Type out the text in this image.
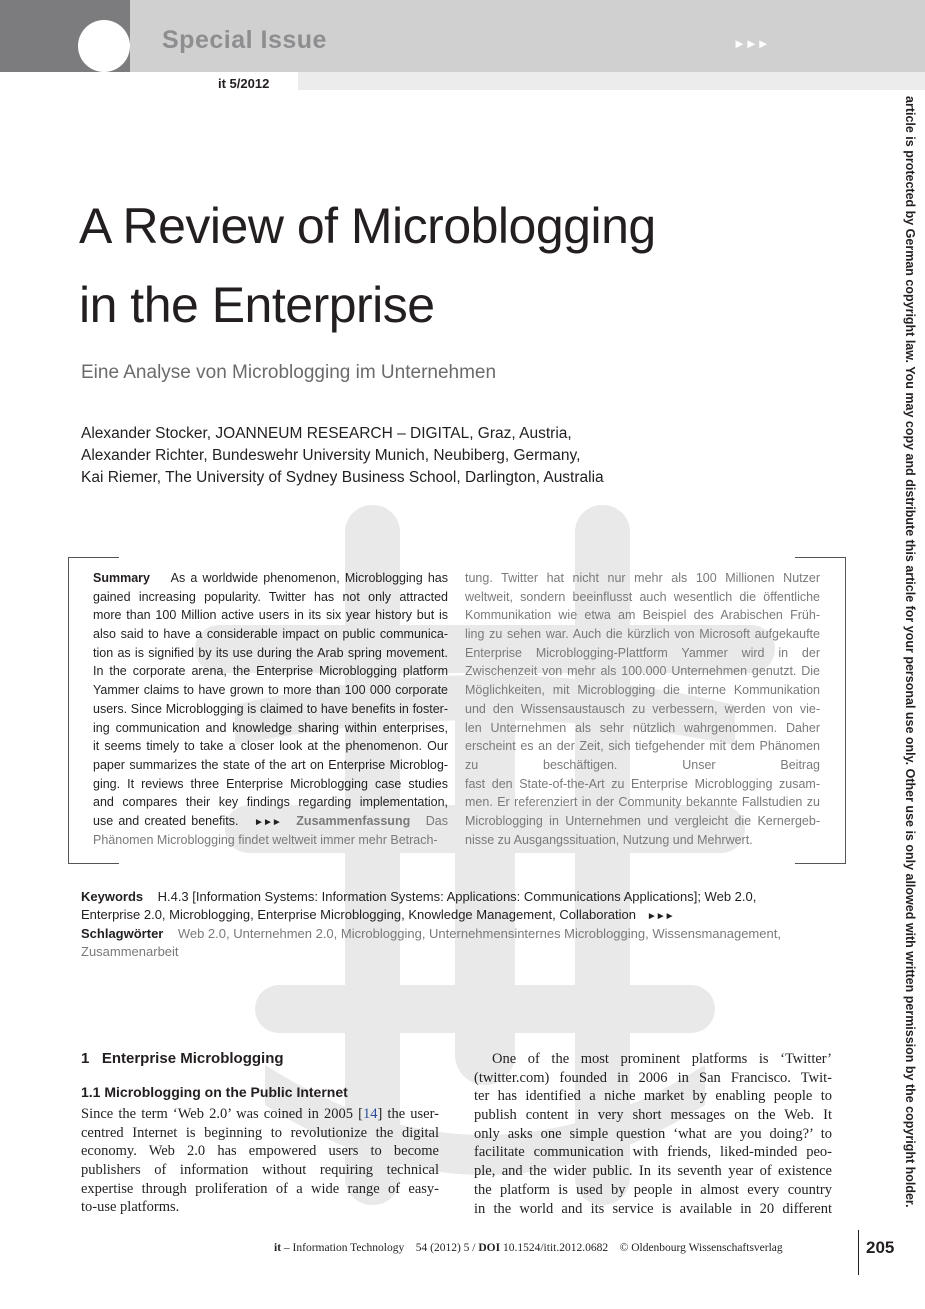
Special Issue	►►►
it 5/2012
A Review of Microblogging
in the Enterprise
Eine Analyse von Microblogging im Unternehmen
Alexander Stocker, JOANNEUM RESEARCH – DIGITAL, Graz, Austria,
Alexander Richter, Bundeswehr University Munich, Neubiberg, Germany,
Kai Riemer, The University of Sydney Business School, Darlington, Australia
Summary As a worldwide phenomenon, Microblogging has
gained increasing popularity. Twitter has not only attracted
more than 100 Million active users in its six year history but is
also said to have a considerable impact on public communica-
tion as is signified by its use during the Arab spring movement.
In the corporate arena, the Enterprise Microblogging platform
Yammer claims to have grown to more than 100 000 corporate
users. Since Microblogging is claimed to have benefits in foster-
ing communication and knowledge sharing within enterprises,
it seems timely to take a closer look at the phenomenon. Our
paper summarizes the state of the art on Enterprise Microblog-
ging. It reviews three Enterprise Microblogging case studies
and compares their key findings regarding implementation,
use and created benefits. ►►► Zusammenfassung Das
Phänomen Microblogging findet weltweit immer mehr Betrach-
tung. Twitter hat nicht nur mehr als 100 Millionen Nutzer
weltweit, sondern beeinflusst auch wesentlich die öffentliche
Kommunikation wie etwa am Beispiel des Arabischen Früh-
ling zu sehen war. Auch die kürzlich von Microsoft aufgekaufte
Enterprise Microblogging-Plattform Yammer wird in der
Zwischenzeit von mehr als 100.000 Unternehmen genutzt. Die
Möglichkeiten, mit Microblogging die interne Kommunikation
und den Wissensaustausch zu verbessern, werden von vie-
len Unternehmen als sehr nützlich wahrgenommen. Daher
erscheint es an der Zeit, sich tiefgehender mit dem Phänomen
zu beschäftigen. Unser Beitrag
fast den State-of-the-Art zu Enterprise Microblogging zusam-
men. Er referenziert in der Community bekannte Fallstudien zu
Microblogging in Unternehmen und vergleicht die Kernergeb-
nisse zu Ausgangssituation, Nutzung und Mehrwert.
Keywords H.4.3 [Information Systems: Information Systems: Applications: Communications Applications]; Web 2.0,
Enterprise 2.0, Microblogging, Enterprise Microblogging, Knowledge Management, Collaboration ►►►
Schlagwörter Web 2.0, Unternehmen 2.0, Microblogging, Unternehmensinternes Microblogging, Wissensmanagement,
Zusammenarbeit
1   Enterprise Microblogging
1.1 Microblogging on the Public Internet
Since the term ‘Web 2.0’ was coined in 2005 [14] the user-
centred Internet is beginning to revolutionize the digital
economy. Web 2.0 has empowered users to become
publishers of information without requiring technical
expertise through proliferation of a wide range of easy-
to-use platforms.
One of the most prominent platforms is ‘Twitter’
(twitter.com) founded in 2006 in San Francisco. Twit-
ter has identified a niche market by enabling people to
publish content in very short messages on the Web. It
only asks one simple question ‘what are you doing?’ to
facilitate communication with friends, liked-minded peo-
ple, and the wider public. In its seventh year of existence
the platform is used by people in almost every country
in the world and its service is available in 20 different
it – Information Technology 54 (2012) 5 / DOI 10.1524/itit.2012.0682 © Oldenbourg Wissenschaftsverlag	205
article is protected by German copyright law. You may copy and distribute this article for your personal use only. Other use is only allowed with written permission by the copyright holder.
